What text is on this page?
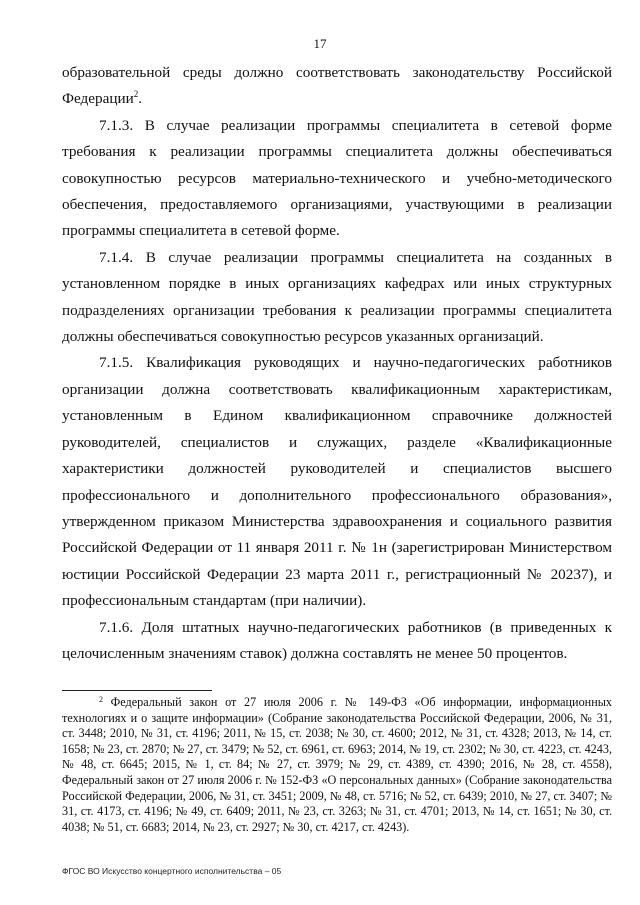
17

образовательной среды должно соответствовать законодательству Российской Федерации$^2$.

7.1.3. В случае реализации программы специалитета в сетевой форме требования к реализации программы специалитета должны обеспечиваться совокупностью ресурсов материально-технического и учебно-методического обеспечения, предоставляемого организациями, участвующими в реализации программы специалитета в сетевой форме.

7.1.4. В случае реализации программы специалитета на созданных в установленном порядке в иных организациях кафедрах или иных структурных подразделениях организации требования к реализации программы специалитета должны обеспечиваться совокупностью ресурсов указанных организаций.

7.1.5. Квалификация руководящих и научно-педагогических работников организации должна соответствовать квалификационным характеристикам, установленным в Едином квалификационном справочнике должностей руководителей, специалистов и служащих, разделе «Квалификационные характеристики должностей руководителей и специалистов высшего профессионального и дополнительного профессионального образования», утвержденном приказом Министерства здравоохранения и социального развития Российской Федерации от 11 января 2011 г. № 1н (зарегистрирован Министерством юстиции Российской Федерации 23 марта 2011 г., регистрационный № 20237), и профессиональным стандартам (при наличии).

7.1.6. Доля штатных научно-педагогических работников (в приведенных к целочисленным значениям ставок) должна составлять не менее 50 процентов.

$^2$ Федеральный закон от 27 июля 2006 г. № 149-ФЗ «Об информации, информационных технологиях и о защите информации» (Собрание законодательства Российской Федерации, 2006, № 31, ст. 3448; 2010, № 31, ст. 4196; 2011, № 15, ст. 2038; № 30, ст. 4600; 2012, № 31, ст. 4328; 2013, № 14, ст. 1658; № 23, ст. 2870; № 27, ст. 3479; № 52, ст. 6961, ст. 6963; 2014, № 19, ст. 2302; № 30, ст. 4223, ст. 4243, № 48, ст. 6645; 2015, № 1, ст. 84; № 27, ст. 3979; № 29, ст. 4389, ст. 4390; 2016, № 28, ст. 4558), Федеральный закон от 27 июля 2006 г. № 152-ФЗ «О персональных данных» (Собрание законодательства Российской Федерации, 2006, № 31, ст. 3451; 2009, № 48, ст. 5716; № 52, ст. 6439; 2010, № 27, ст. 3407; № 31, ст. 4173, ст. 4196; № 49, ст. 6409; 2011, № 23, ст. 3263; № 31, ст. 4701; 2013, № 14, ст. 1651; № 30, ст. 4038; № 51, ст. 6683; 2014, № 23, ст. 2927; № 30, ст. 4217, ст. 4243).

ФГОС ВО Искусство концертного исполнительства – 05
